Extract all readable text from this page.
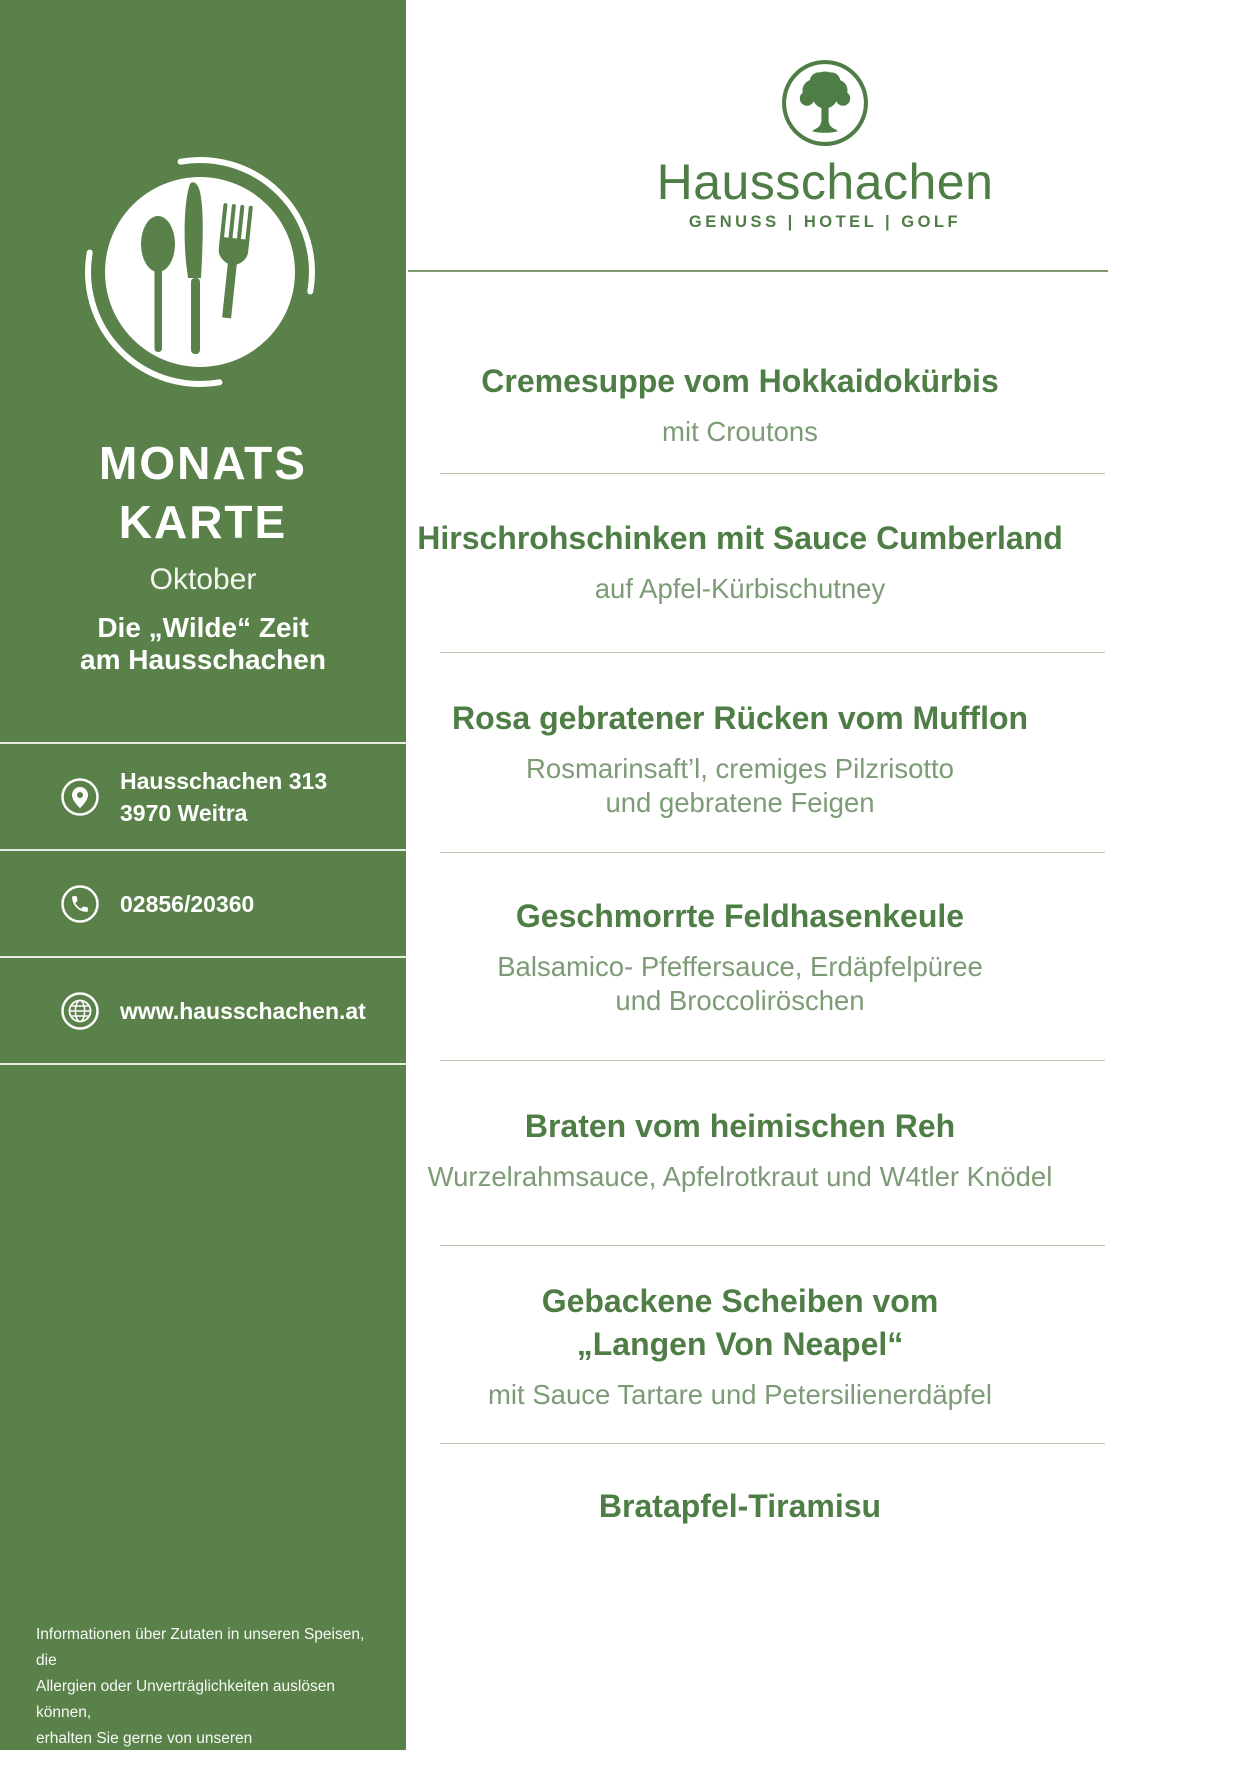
MONATS
KARTE
Oktober
Die „Wilde“ Zeit
am Hausschachen
Hausschachen 313
3970 Weitra
02856/20360
www.hausschachen.at
Informationen über Zutaten in unseren Speisen, die
Allergien oder Unverträglichkeiten auslösen können,
erhalten Sie gerne von unseren Mitarbeiter/n/innen!
Hausschachen
GENUSS | HOTEL | GOLF
Cremesuppe vom Hokkaidokürbis
mit Croutons
Hirschrohschinken mit Sauce Cumberland
auf Apfel-Kürbischutney
Rosa gebratener Rücken vom Mufflon
Rosmarinsaft’l, cremiges Pilzrisotto
und gebratene Feigen
Geschmorrte Feldhasenkeule
Balsamico- Pfeffersauce, Erdäpfelpüree
und Broccoliröschen
Braten vom heimischen Reh
Wurzelrahmsauce, Apfelrotkraut und W4tler Knödel
Gebackene Scheiben vom
„Langen Von Neapel“
mit Sauce Tartare und Petersilienerdäpfel
Bratapfel-Tiramisu
